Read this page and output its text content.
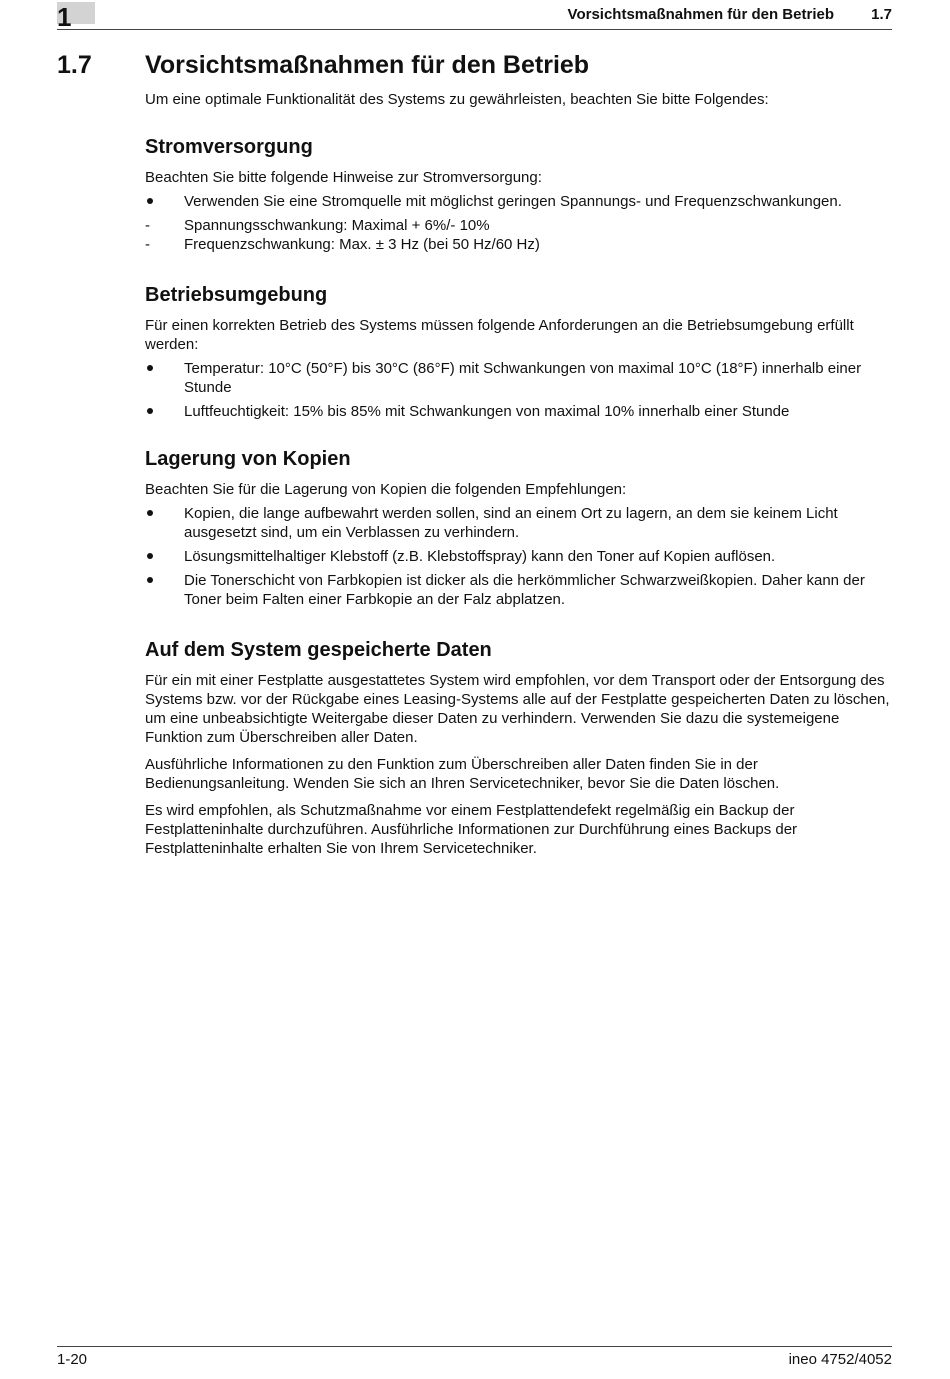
1	Vorsichtsmaßnahmen für den Betrieb 1.7
1.7 Vorsichtsmaßnahmen für den Betrieb

Um eine optimale Funktionalität des Systems zu gewährleisten, beachten Sie bitte Folgendes:

Stromversorgung

Beachten Sie bitte folgende Hinweise zur Stromversorgung:

Verwenden Sie eine Stromquelle mit möglichst geringen Spannungs- und Frequenzschwankungen.
-	Spannungsschwankung: Maximal + 6%/- 10%
-	Frequenzschwankung: Max. ± 3 Hz (bei 50 Hz/60 Hz)
Betriebsumgebung

Für einen korrekten Betrieb des Systems müssen folgende Anforderungen an die Betriebsumgebung erfüllt werden:

Temperatur: 10°C (50°F) bis 30°C (86°F) mit Schwankungen von maximal 10°C (18°F) innerhalb einer Stunde
Luftfeuchtigkeit: 15% bis 85% mit Schwankungen von maximal 10% innerhalb einer Stunde
Lagerung von Kopien

Beachten Sie für die Lagerung von Kopien die folgenden Empfehlungen:

Kopien, die lange aufbewahrt werden sollen, sind an einem Ort zu lagern, an dem sie keinem Licht ausgesetzt sind, um ein Verblassen zu verhindern.
Lösungsmittelhaltiger Klebstoff (z.B. Klebstoffspray) kann den Toner auf Kopien auflösen.
Die Tonerschicht von Farbkopien ist dicker als die herkömmlicher Schwarzweißkopien. Daher kann der Toner beim Falten einer Farbkopie an der Falz abplatzen.
Auf dem System gespeicherte Daten

Für ein mit einer Festplatte ausgestattetes System wird empfohlen, vor dem Transport oder der Entsorgung des Systems bzw. vor der Rückgabe eines Leasing-Systems alle auf der Festplatte gespeicherten Daten zu löschen, um eine unbeabsichtigte Weitergabe dieser Daten zu verhindern. Verwenden Sie dazu die systemeigene Funktion zum Überschreiben aller Daten.

Ausführliche Informationen zu den Funktion zum Überschreiben aller Daten finden Sie in der Bedienungsanleitung. Wenden Sie sich an Ihren Servicetechniker, bevor Sie die Daten löschen.

Es wird empfohlen, als Schutzmaßnahme vor einem Festplattendefekt regelmäßig ein Backup der Festplatteninhalte durchzuführen. Ausführliche Informationen zur Durchführung eines Backups der Festplatteninhalte erhalten Sie von Ihrem Servicetechniker.

1-20	ineo 4752/4052
